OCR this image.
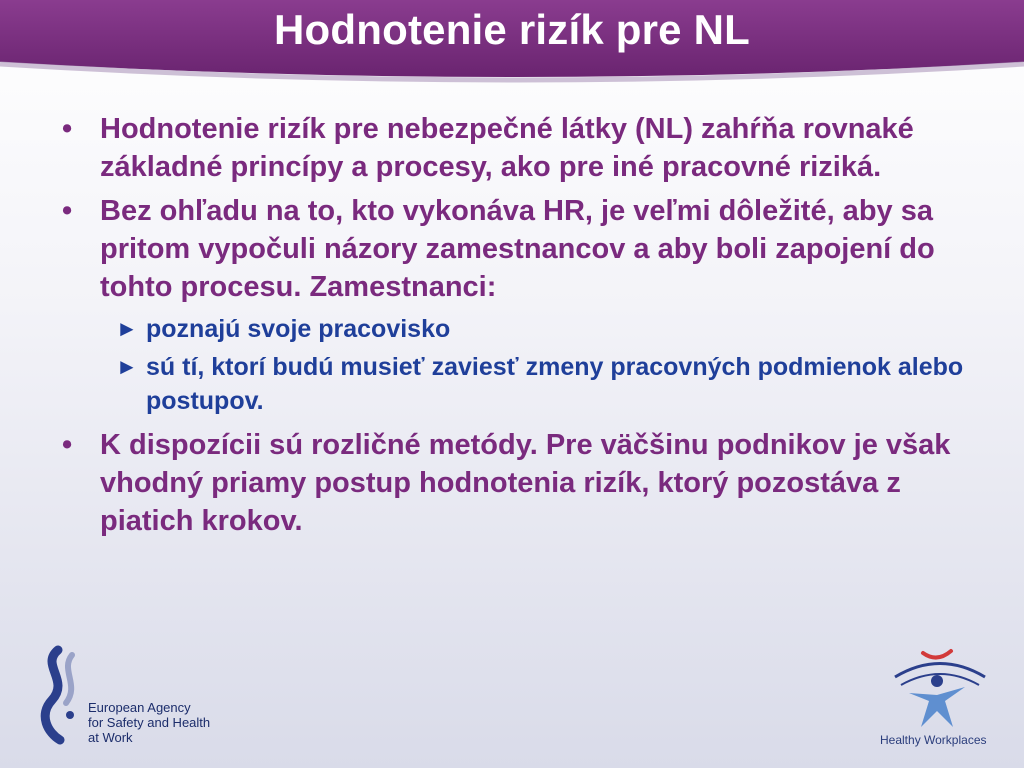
Hodnotenie rizík pre NL
• Hodnotenie rizík pre nebezpečné látky (NL) zahŕňa rovnaké základné princípy a procesy, ako pre iné pracovné riziká.
• Bez ohľadu na to, kto vykonáva HR, je veľmi dôležité, aby sa pritom vypočuli názory zamestnancov a aby boli zapojení do tohto procesu. Zamestnanci:
► poznajú svoje pracovisko
► sú tí, ktorí budú musieť zaviesť zmeny pracovných podmienok alebo postupov.
• K dispozícii sú rozličné metódy. Pre väčšinu podnikov je však vhodný priamy postup hodnotenia rizík, ktorý pozostáva z piatich krokov.
European Agency
for Safety and Health
at Work	Healthy Workplaces
